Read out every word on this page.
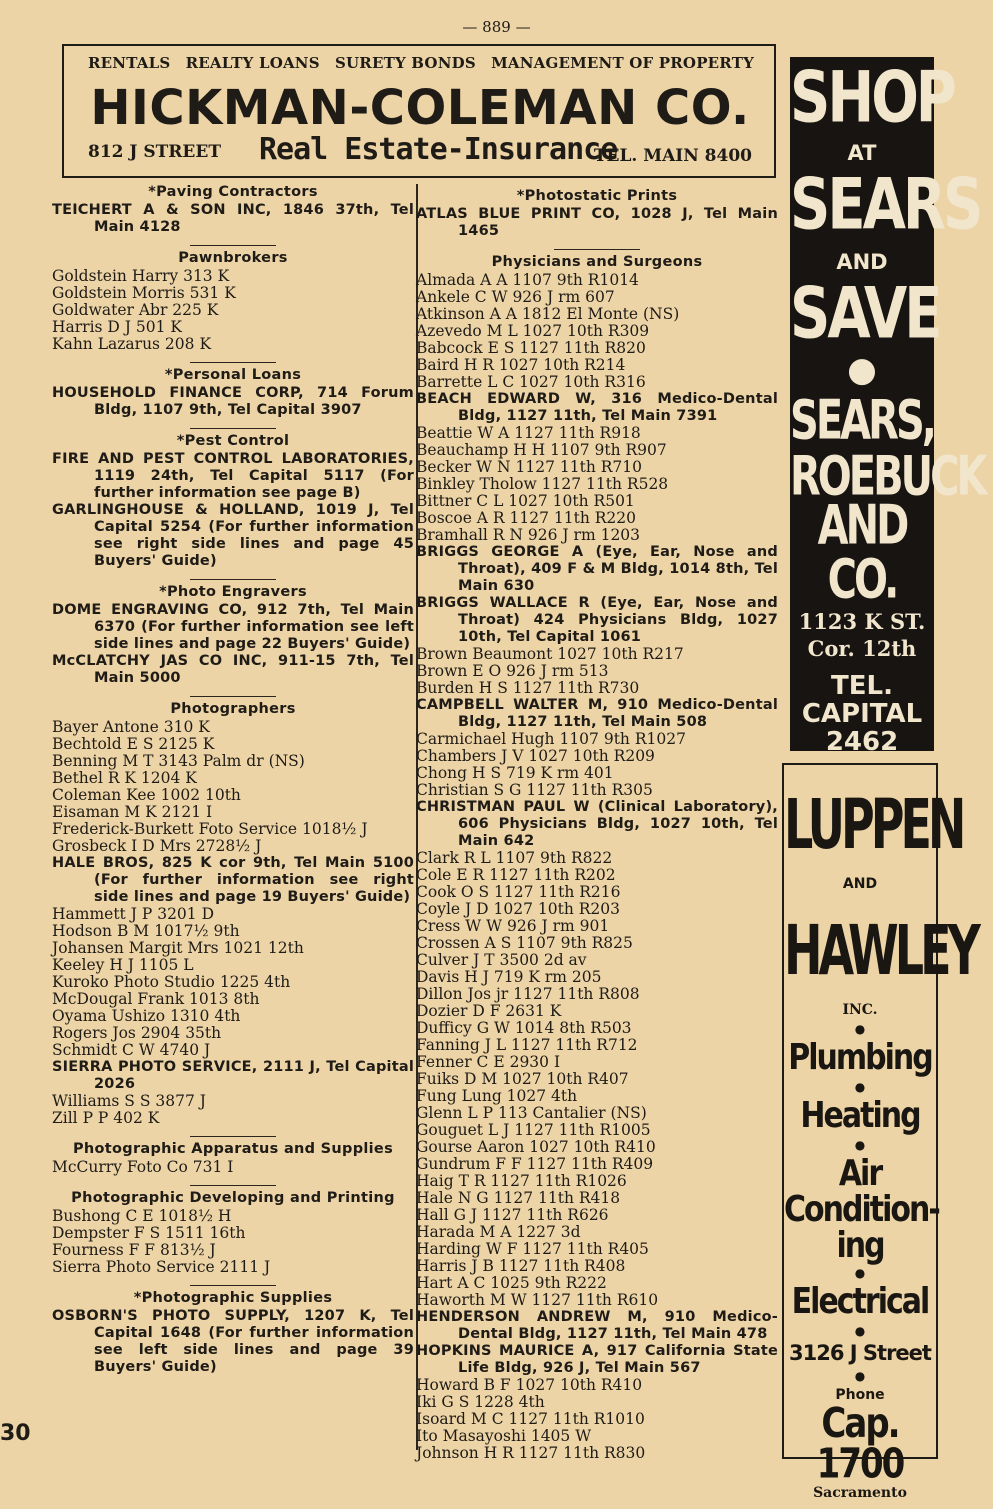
— 889 —
30
RENTALS REALTY LOANS SURETY BONDS MANAGEMENT OF PROPERTY
HICKMAN-COLEMAN CO.
812 J STREET Real Estate-Insurance
TEL. MAIN 8400
*Paving Contractors
TEICHERT A & SON INC, 1846 37th, Tel Main 4128
Pawnbrokers
Goldstein Harry 313 K
Goldstein Morris 531 K
Goldwater Abr 225 K
Harris D J 501 K
Kahn Lazarus 208 K
*Personal Loans
HOUSEHOLD FINANCE CORP, 714 Forum Bldg, 1107 9th, Tel Capital 3907
*Pest Control
FIRE AND PEST CONTROL LABORATORIES, 1119 24th, Tel Capital 5117 (For further information see page B)
GARLINGHOUSE & HOLLAND, 1019 J, Tel Capital 5254 (For further information see right side lines and page 45 Buyers' Guide)
*Photo Engravers
DOME ENGRAVING CO, 912 7th, Tel Main 6370 (For further information see left side lines and page 22 Buyers' Guide)
McCLATCHY JAS CO INC, 911-15 7th, Tel Main 5000
Photographers
Bayer Antone 310 K
Bechtold E S 2125 K
Benning M T 3143 Palm dr (NS)
Bethel R K 1204 K
Coleman Kee 1002 10th
Eisaman M K 2121 I
Frederick-Burkett Foto Service 1018½ J
Grosbeck I D Mrs 2728½ J
HALE BROS, 825 K cor 9th, Tel Main 5100 (For further information see right side lines and page 19 Buyers' Guide)
Hammett J P 3201 D
Hodson B M 1017½ 9th
Johansen Margit Mrs 1021 12th
Keeley H J 1105 L
Kuroko Photo Studio 1225 4th
McDougal Frank 1013 8th
Oyama Ushizo 1310 4th
Rogers Jos 2904 35th
Schmidt C W 4740 J
SIERRA PHOTO SERVICE, 2111 J, Tel Capital 2026
Williams S S 3877 J
Zill P P 402 K
Photographic Apparatus and Supplies
McCurry Foto Co 731 I
Photographic Developing and Printing
Bushong C E 1018½ H
Dempster F S 1511 16th
Fourness F F 813½ J
Sierra Photo Service 2111 J
*Photographic Supplies
OSBORN'S PHOTO SUPPLY, 1207 K, Tel Capital 1648 (For further information see left side lines and page 39 Buyers' Guide)
*Photostatic Prints
ATLAS BLUE PRINT CO, 1028 J, Tel Main 1465
Physicians and Surgeons
Almada A A 1107 9th R1014
Ankele C W 926 J rm 607
Atkinson A A 1812 El Monte (NS)
Azevedo M L 1027 10th R309
Babcock E S 1127 11th R820
Baird H R 1027 10th R214
Barrette L C 1027 10th R316
BEACH EDWARD W, 316 Medico-Dental Bldg, 1127 11th, Tel Main 7391
Beattie W A 1127 11th R918
Beauchamp H H 1107 9th R907
Becker W N 1127 11th R710
Binkley Tholow 1127 11th R528
Bittner C L 1027 10th R501
Boscoe A R 1127 11th R220
Bramhall R N 926 J rm 1203
BRIGGS GEORGE A (Eye, Ear, Nose and Throat), 409 F & M Bldg, 1014 8th, Tel Main 630
BRIGGS WALLACE R (Eye, Ear, Nose and Throat) 424 Physicians Bldg, 1027 10th, Tel Capital 1061
Brown Beaumont 1027 10th R217
Brown E O 926 J rm 513
Burden H S 1127 11th R730
CAMPBELL WALTER M, 910 Medico-Dental Bldg, 1127 11th, Tel Main 508
Carmichael Hugh 1107 9th R1027
Chambers J V 1027 10th R209
Chong H S 719 K rm 401
Christian S G 1127 11th R305
CHRISTMAN PAUL W (Clinical Laboratory), 606 Physicians Bldg, 1027 10th, Tel Main 642
Clark R L 1107 9th R822
Cole E R 1127 11th R202
Cook O S 1127 11th R216
Coyle J D 1027 10th R203
Cress W W 926 J rm 901
Crossen A S 1107 9th R825
Culver J T 3500 2d av
Davis H J 719 K rm 205
Dillon Jos jr 1127 11th R808
Dozier D F 2631 K
Dufficy G W 1014 8th R503
Fanning J L 1127 11th R712
Fenner C E 2930 I
Fuiks D M 1027 10th R407
Fung Lung 1027 4th
Glenn L P 113 Cantalier (NS)
Gouguet L J 1127 11th R1005
Gourse Aaron 1027 10th R410
Gundrum F F 1127 11th R409
Haig T R 1127 11th R1026
Hale N G 1127 11th R418
Hall G J 1127 11th R626
Harada M A 1227 3d
Harding W F 1127 11th R405
Harris J B 1127 11th R408
Hart A C 1025 9th R222
Haworth M W 1127 11th R610
HENDERSON ANDREW M, 910 Medico-Dental Bldg, 1127 11th, Tel Main 478
HOPKINS MAURICE A, 917 California State Life Bldg, 926 J, Tel Main 567
Howard B F 1027 10th R410
Iki G S 1228 4th
Isoard M C 1127 11th R1010
Ito Masayoshi 1405 W
Johnson H R 1127 11th R830
SHOP
AT
SEARS
AND
SAVE
●
SEARS,
ROEBUCK
AND CO.
1123 K ST.
Cor. 12th
TEL.
CAPITAL
2462
LUPPEN
AND
HAWLEY
INC.
●
Plumbing
●
Heating
●
Air
Condition-
ing
●
Electrical
●
3126 J Street
●
Phone
Cap. 1700
Sacramento
